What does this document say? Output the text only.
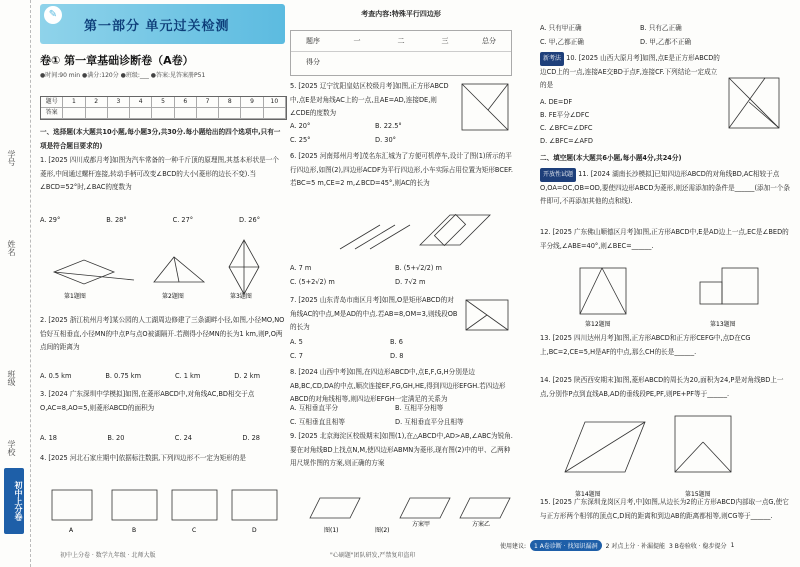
学号
姓名
班级
学校
初中上分卷
✎
第一部分 单元过关检测
卷① 第一章基础诊断卷（A卷）
●时间:90 min ●满分:120分 ●班级:___ ●答案:见答案册P51
考查内容:特殊平行四边形
题序	一	二	三	总分
得分
题号	1	2	3	4	5	6	7	8	9	10
答案
一、选择题(本大题共10小题,每小题3分,共30分.每小题给出的四个选项中,只有一项是符合题目要求的)
1. [2025 四川成都月考]如图为汽车常备的一种千斤顶的原理图,其基本形状是一个菱形,中间通过螺杆连接,转动手柄可改变∠BCD的大小(菱形的边长不变).当∠BCD=52°时,∠BAC的度数为
A. 29°	B. 28°	C. 27°	D. 26°
第1题图	第2题图	第3题图
2. [2025 浙江杭州月考]某公园的人工湖周边修建了三条湖畔小径,如图,小径MO,NO恰好互相垂直,小径MN的中点P与点O被湖隔开.若测得小径MN的长为1 km,则P,O两点间的距离为
A. 0.5 km	B. 0.75 km	C. 1 km	D. 2 km
3. [2024 广东深圳中学模拟]如图,在菱形ABCD中,对角线AC,BD相交于点O,AC=8,AO=5,则菱形ABCD的面积为
A. 18	B. 20	C. 24	D. 28
4. [2025 河北石家庄期中]依据标注数据,下列四边形不一定为矩形的是
A	B	C	D
5. [2025 辽宁沈阳皇姑区校级月考]如图,正方形ABCD中,点E是对角线AC上的一点,且AE=AD,连接DE,则∠CDE的度数为
A. 20°	B. 22.5°
C. 25°	D. 30°
6. [2025 河南郑州月考]茂名东汇城为了方便可机停车,设计了图(1)所示的平行四边形,如图(2),四边形ACDF为平行四边形,小车实际占用位置为矩形BCEF.若BC=5 m,CE=2 m,∠BCD=45°,则AC的长为
A. 7 m	B. (5+√2/2) m
C. (5+2√2) m	D. 7√2 m
7. [2025 山东青岛市南区月考]如图,O是矩形ABCD的对角线AC的中点,M是AD的中点.若AB=8,OM=3,则线段OB的长为
A. 5	B. 6
C. 7	D. 8
8. [2024 山西中考]如图,在四边形ABCD中,点E,F,G,H分别是边AB,BC,CD,DA的中点,顺次连接EF,FG,GH,HE,得到四边形EFGH.若四边形ABCD的对角线相等,则四边形EFGH一定满足的关系为
A. 互相垂直平分	B. 互相平分相等
C. 互相垂直且相等	D. 互相垂直平分且相等
9. [2025 北京海淀区校级期末]如图(1),在△ABCD中,AD>AB,∠ABC为锐角.要在对角线BD上找点N,M,使四边形ABMN为菱形,现有图(2)中的甲、乙两种用尺规作图的方案,则正确的方案
图(1)	图(2)
方案甲	方案乙
A. 只有甲正确	B. 只有乙正确
C. 甲,乙都正确	D. 甲,乙都不正确
新考法 10. [2025 山西大原月考]如图,点E是正方形ABCD的边CD上的一点,连接AE交BD于点F,连接CF.下列结论一定成立的是
A. DE=DF
B. FE平分∠DFC
C. ∠BFC=∠DFC
D. ∠BFC=∠AFD
二、填空题(本大题共6小题,每小题4分,共24分)
开放性试题 11. [2024 湖南长沙模拟]已知四边形ABCD的对角线BD,AC相较于点O,OA=OC,OB=OD,要使四边形ABCD为菱形,则还需添加的条件是______(添加一个条件即可,不再添加其他的点和线).
12. [2025 广东佛山顺德区月考]如图,正方形ABCD中,E是AD边上一点,EC是∠BED的平分线,∠ABE=40°,则∠BEC=______.
第12题图	第13题图
13. [2025 四川达州月考]如图,正方形ABCD和正方形CEFG中,点D在CG上,BC=2,CE=5,H是AF的中点,那么CH的长是______.
14. [2025 陕西西安期末]如图,菱形ABCD的周长为20,面积为24,P是对角线BD上一点,分别作P点到直线AB,AD的垂线段PE,PF,则PE+PF等于______.
第14题图	第15题图
15. [2025 广东深圳龙岗区月考,中]如图,从边长为2的正方形ABCD内部取一点G,使它与正方形两个相邻的顶点C,D间的距离和到边AB的距离都相等,则CG等于______.
初中上分卷 · 数学九年级 · 北师大版	"心刷题"团队研发,严禁复印盗印
使用建议:	1 A卷诊断 · 找知识漏洞	2 对点上分 · 补漏提能 3 B卷验收 · 稳步提分 1
